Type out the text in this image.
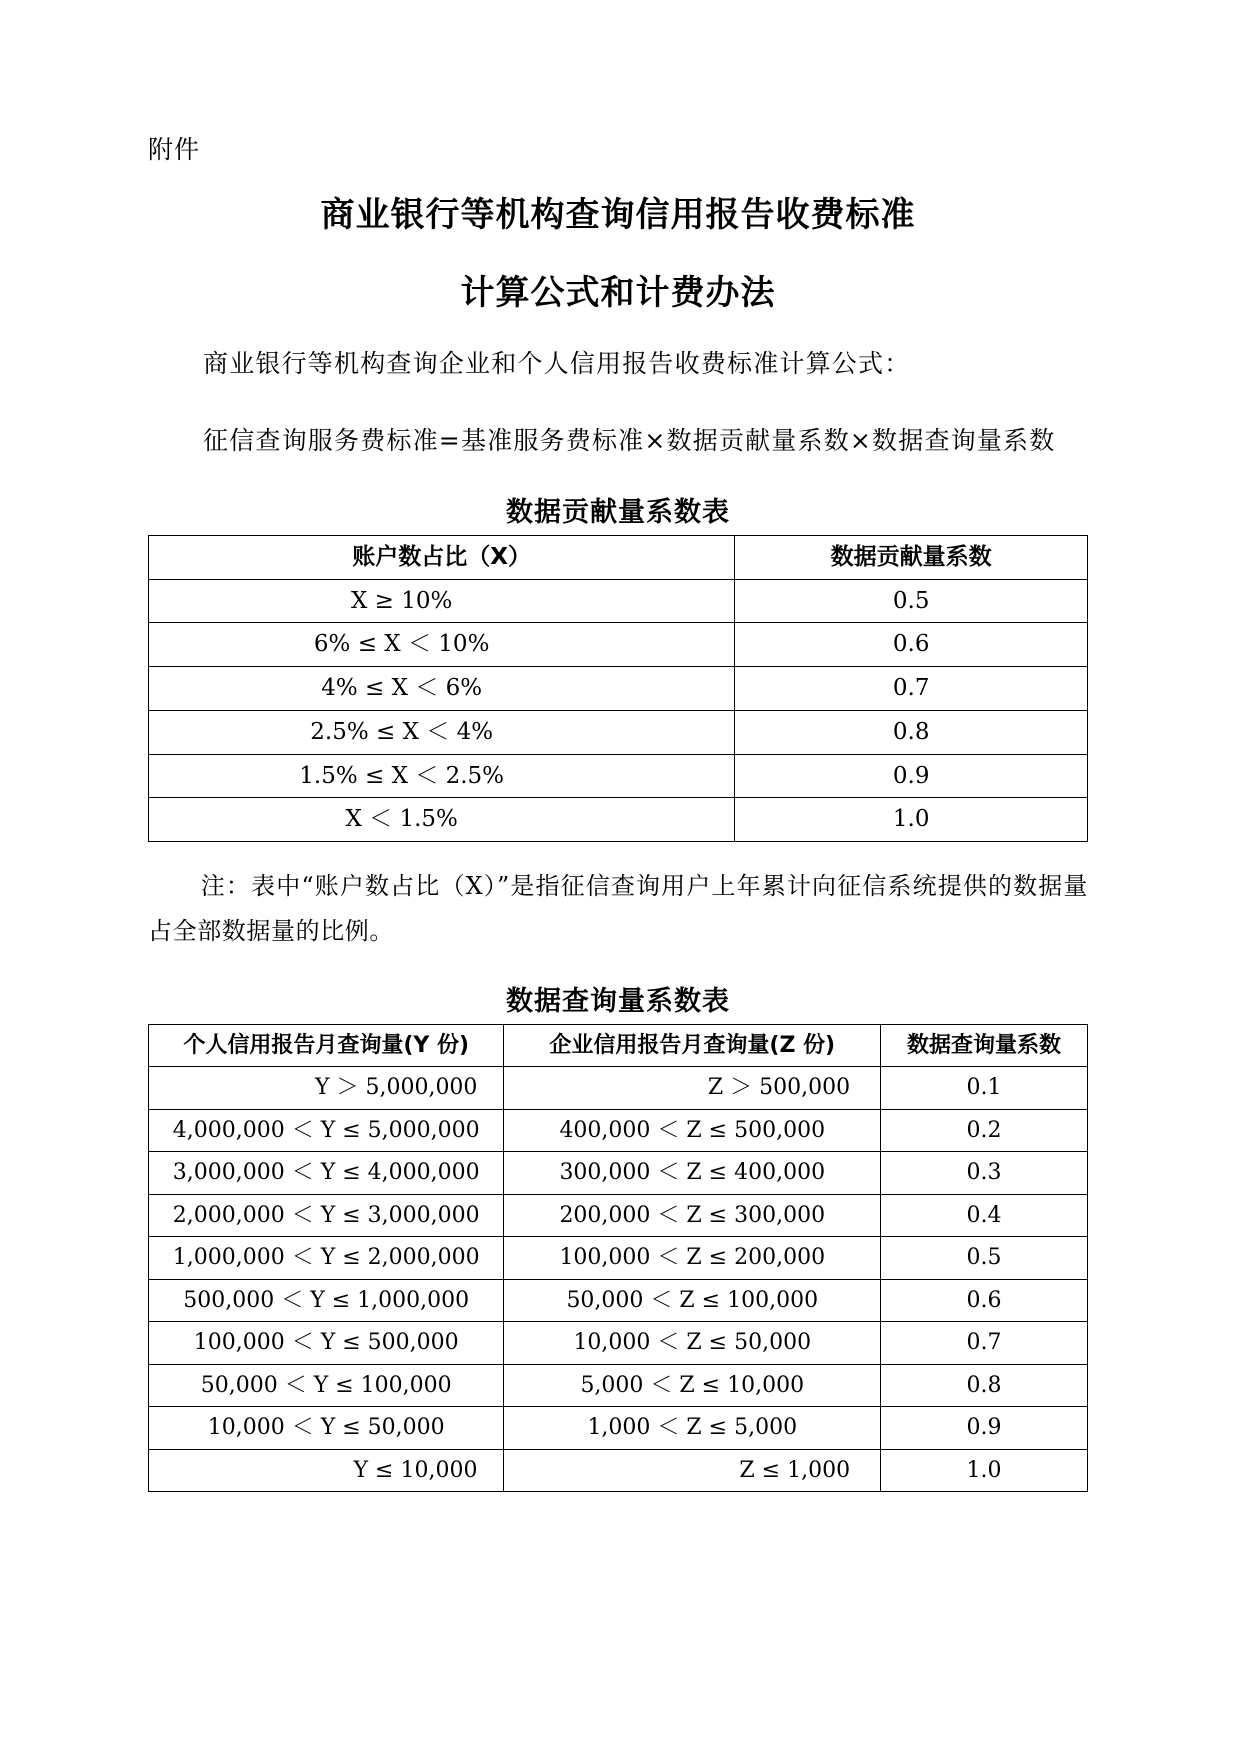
附件
商业银行等机构查询信用报告收费标准
计算公式和计费办法

商业银行等机构查询企业和个人信用报告收费标准计算公式：

征信查询服务费标准=基准服务费标准×数据贡献量系数×数据查询量系数

数据贡献量系数表
账户数占比（X）	数据贡献量系数
X ≥ 10%	0.5
6% ≤ X ＜ 10%	0.6
4% ≤ X ＜ 6%	0.7
2.5% ≤ X ＜ 4%	0.8
1.5% ≤ X ＜ 2.5%	0.9
X ＜ 1.5%	1.0

注：表中“账户数占比（X）”是指征信查询用户上年累计向征信系统提供的数据量占全部数据量的比例。

数据查询量系数表
个人信用报告月查询量(Y 份)	企业信用报告月查询量(Z 份)	数据查询量系数
Y ＞ 5,000,000	Z ＞ 500,000	0.1
4,000,000 ＜ Y ≤ 5,000,000	400,000 ＜ Z ≤ 500,000	0.2
3,000,000 ＜ Y ≤ 4,000,000	300,000 ＜ Z ≤ 400,000	0.3
2,000,000 ＜ Y ≤ 3,000,000	200,000 ＜ Z ≤ 300,000	0.4
1,000,000 ＜ Y ≤ 2,000,000	100,000 ＜ Z ≤ 200,000	0.5
500,000 ＜ Y ≤ 1,000,000	50,000 ＜ Z ≤ 100,000	0.6
100,000 ＜ Y ≤ 500,000	10,000 ＜ Z ≤ 50,000	0.7
50,000 ＜ Y ≤ 100,000	5,000 ＜ Z ≤ 10,000	0.8
10,000 ＜ Y ≤ 50,000	1,000 ＜ Z ≤ 5,000	0.9
Y ≤ 10,000	Z ≤ 1,000	1.0
